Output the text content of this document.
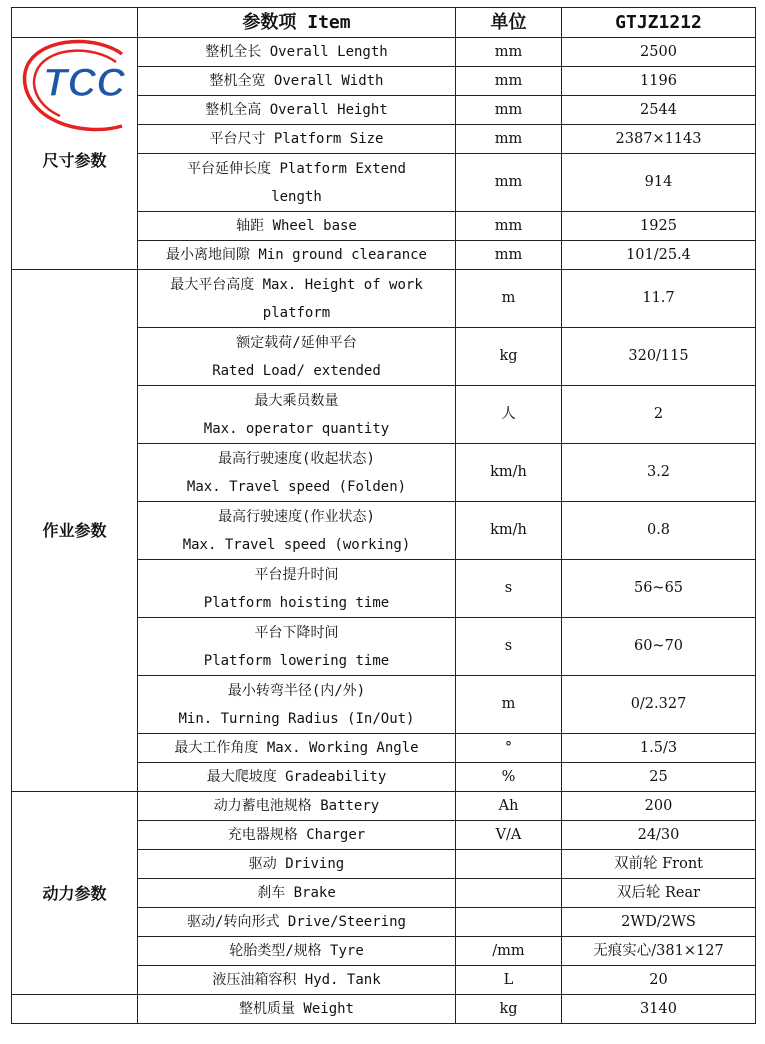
	参数项 Item	单位	GTJZ1212
尺寸参数	整机全长 Overall Length	mm	2500

	整机全宽 Overall Width	mm	1196

	整机全高 Overall Height	mm	2544

	平台尺寸 Platform Size	mm	2387×1143

	平台延伸长度 Platform Extend
length	mm	914

	轴距 Wheel base	mm	1925

	最小离地间隙 Min ground clearance	mm	101/25.4
作业参数	最大平台高度 Max. Height of work
platform	m	11.7

	额定载荷/延伸平台
Rated Load/ extended	kg	320/115

	最大乘员数量
Max. operator quantity	人	2

	最高行驶速度(收起状态)
Max. Travel speed (Folden)	km/h	3.2

	最高行驶速度(作业状态)
Max. Travel speed (working)	km/h	0.8

	平台提升时间
Platform hoisting time	s	56~65

	平台下降时间
Platform lowering time	s	60~70

	最小转弯半径(内/外)
Min. Turning Radius (In/Out)	m	0/2.327

	最大工作角度 Max. Working Angle	°	1.5/3

	最大爬坡度 Gradeability	%	25
动力参数	动力蓄电池规格 Battery	Ah	200

	充电器规格 Charger	V/A	24/30

	驱动 Driving		双前轮 Front

	刹车 Brake		双后轮 Rear

	驱动/转向形式 Drive/Steering		2WD/2WS

	轮胎类型/规格 Tyre	/mm	无痕实心/381×127

	液压油箱容积 Hyd. Tank	L	20

	整机质量 Weight	kg	3140
TCC
